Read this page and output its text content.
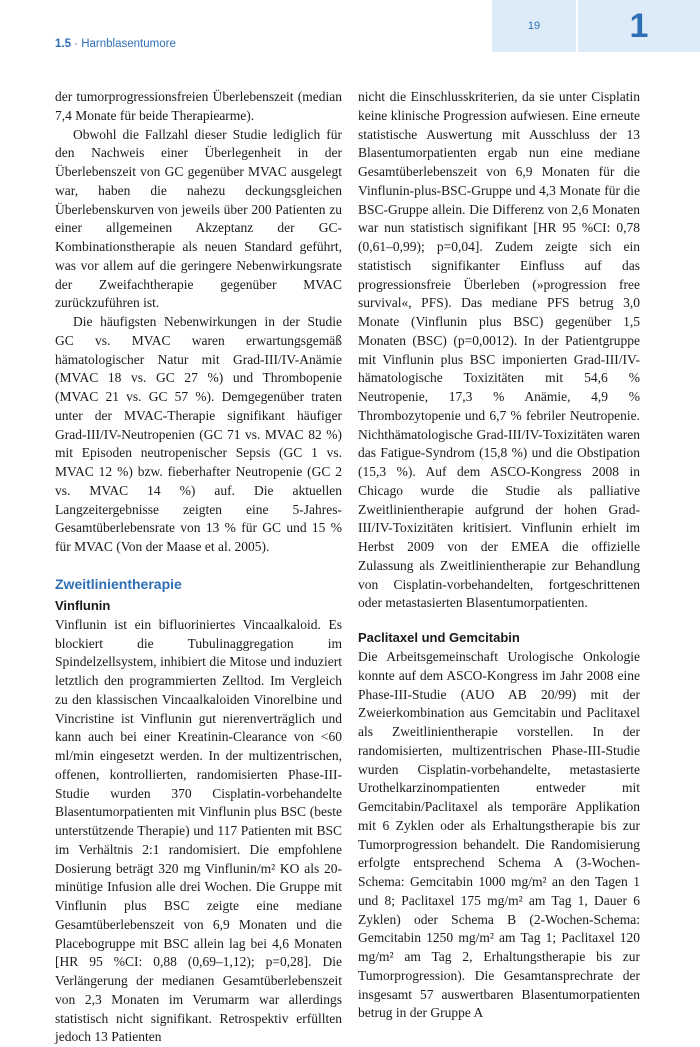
1.5 · Harnblasentumore
19	1

der tumorprogressionsfreien Überlebenszeit (median 7,4 Monate für beide Therapiearme).

Obwohl die Fallzahl dieser Studie lediglich für den Nachweis einer Überlegenheit in der Überlebenszeit von GC gegenüber MVAC ausgelegt war, haben die nahezu deckungsgleichen Überlebenskurven von jeweils über 200 Patienten zu einer allgemeinen Akzeptanz der GC-Kombinationstherapie als neuen Standard geführt, was vor allem auf die geringere Nebenwirkungsrate der Zweifachtherapie gegenüber MVAC zurückzuführen ist.

Die häufigsten Nebenwirkungen in der Studie GC vs. MVAC waren erwartungsgemäß hämatologischer Natur mit Grad-III/IV-Anämie (MVAC 18 vs. GC 27 %) und Thrombopenie (MVAC 21 vs. GC 57 %). Demgegenüber traten unter der MVAC-Therapie signifikant häufiger Grad-III/IV-Neutropenien (GC 71 vs. MVAC 82 %) mit Episoden neutropenischer Sepsis (GC 1 vs. MVAC 12 %) bzw. fieberhafter Neutropenie (GC 2 vs. MVAC 14 %) auf. Die aktuellen Langzeitergebnisse zeigten eine 5-Jahres-Gesamtüberlebensrate von 13 % für GC und 15 % für MVAC (Von der Maase et al. 2005).

Zweitlinientherapie
Vinflunin

Vinflunin ist ein bifluoriniertes Vincaalkaloid. Es blockiert die Tubulinaggregation im Spindelzellsystem, inhibiert die Mitose und induziert letztlich den programmierten Zelltod. Im Vergleich zu den klassischen Vincaalkaloiden Vinorelbine und Vincristine ist Vinflunin gut nierenverträglich und kann auch bei einer Kreatinin-Clearance von <60 ml/min eingesetzt werden. In der multizentrischen, offenen, kontrollierten, randomisierten Phase-III-Studie wurden 370 Cisplatin-vorbehandelte Blasentumorpatienten mit Vinflunin plus BSC (beste unterstützende Therapie) und 117 Patienten mit BSC im Verhältnis 2:1 randomisiert. Die empfohlene Dosierung beträgt 320 mg Vinflunin/m² KO als 20-minütige Infusion alle drei Wochen. Die Gruppe mit Vinflunin plus BSC zeigte eine mediane Gesamtüberlebenszeit von 6,9 Monaten und die Placebogruppe mit BSC allein lag bei 4,6 Monaten [HR 95 %CI: 0,88 (0,69–1,12); p=0,28]. Die Verlängerung der medianen Gesamtüberlebenszeit von 2,3 Monaten im Verumarm war allerdings statistisch nicht signifikant. Retrospektiv erfüllten jedoch 13 Patienten

nicht die Einschlusskriterien, da sie unter Cisplatin keine klinische Progression aufwiesen. Eine erneute statistische Auswertung mit Ausschluss der 13 Blasentumorpatienten ergab nun eine mediane Gesamtüberlebenszeit von 6,9 Monaten für die Vinflunin-plus-BSC-Gruppe und 4,3 Monate für die BSC-Gruppe allein. Die Differenz von 2,6 Monaten war nun statistisch signifikant [HR 95 %CI: 0,78 (0,61–0,99); p=0,04]. Zudem zeigte sich ein statistisch signifikanter Einfluss auf das progressionsfreie Überleben (»progression free survival«, PFS). Das mediane PFS betrug 3,0 Monate (Vinflunin plus BSC) gegenüber 1,5 Monaten (BSC) (p=0,0012). In der Patientgruppe mit Vinflunin plus BSC imponierten Grad-III/IV-hämatologische Toxizitäten mit 54,6 % Neutropenie, 17,3 % Anämie, 4,9 % Thrombozytopenie und 6,7 % febriler Neutropenie. Nichthämatologische Grad-III/IV-Toxizitäten waren das Fatigue-Syndrom (15,8 %) und die Obstipation (15,3 %). Auf dem ASCO-Kongress 2008 in Chicago wurde die Studie als palliative Zweitlinientherapie aufgrund der hohen Grad-III/IV-Toxizitäten kritisiert. Vinflunin erhielt im Herbst 2009 von der EMEA die offizielle Zulassung als Zweitlinientherapie zur Behandlung von Cisplatin-vorbehandelten, fortgeschrittenen oder metastasierten Blasentumorpatienten.

Paclitaxel und Gemcitabin

Die Arbeitsgemeinschaft Urologische Onkologie konnte auf dem ASCO-Kongress im Jahr 2008 eine Phase-III-Studie (AUO AB 20/99) mit der Zweierkombination aus Gemcitabin und Paclitaxel als Zweitlinientherapie vorstellen. In der randomisierten, multizentrischen Phase-III-Studie wurden Cisplatin-vorbehandelte, metastasierte Urothelkarzinompatienten entweder mit Gemcitabin/Paclitaxel als temporäre Applikation mit 6 Zyklen oder als Erhaltungstherapie bis zur Tumorprogression behandelt. Die Randomisierung erfolgte entsprechend Schema A (3-Wochen-Schema: Gemcitabin 1000 mg/m² an den Tagen 1 und 8; Paclitaxel 175 mg/m² am Tag 1, Dauer 6 Zyklen) oder Schema B (2-Wochen-Schema: Gemcitabin 1250 mg/m² am Tag 1; Paclitaxel 120 mg/m² am Tag 2, Erhaltungstherapie bis zur Tumorprogression). Die Gesamtansprechrate der insgesamt 57 auswertbaren Blasentumorpatienten betrug in der Gruppe A
